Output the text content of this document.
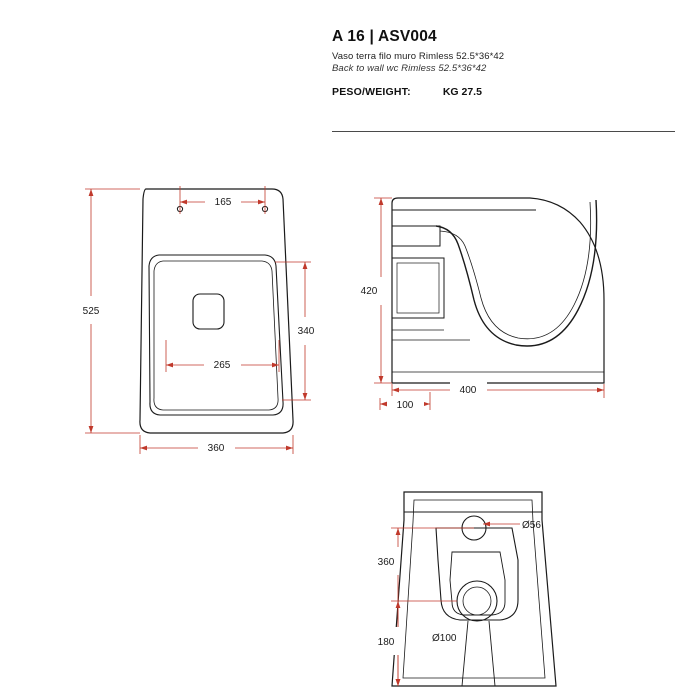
A 16 | ASV004

Vaso terra filo muro Rimless 52.5*36*42

Back to wall wc Rimless 52.5*36*42

PESO/WEIGHT:	KG 27.5
165
525
340
265
360
420
400
100
Ø56
360
180	Ø100
